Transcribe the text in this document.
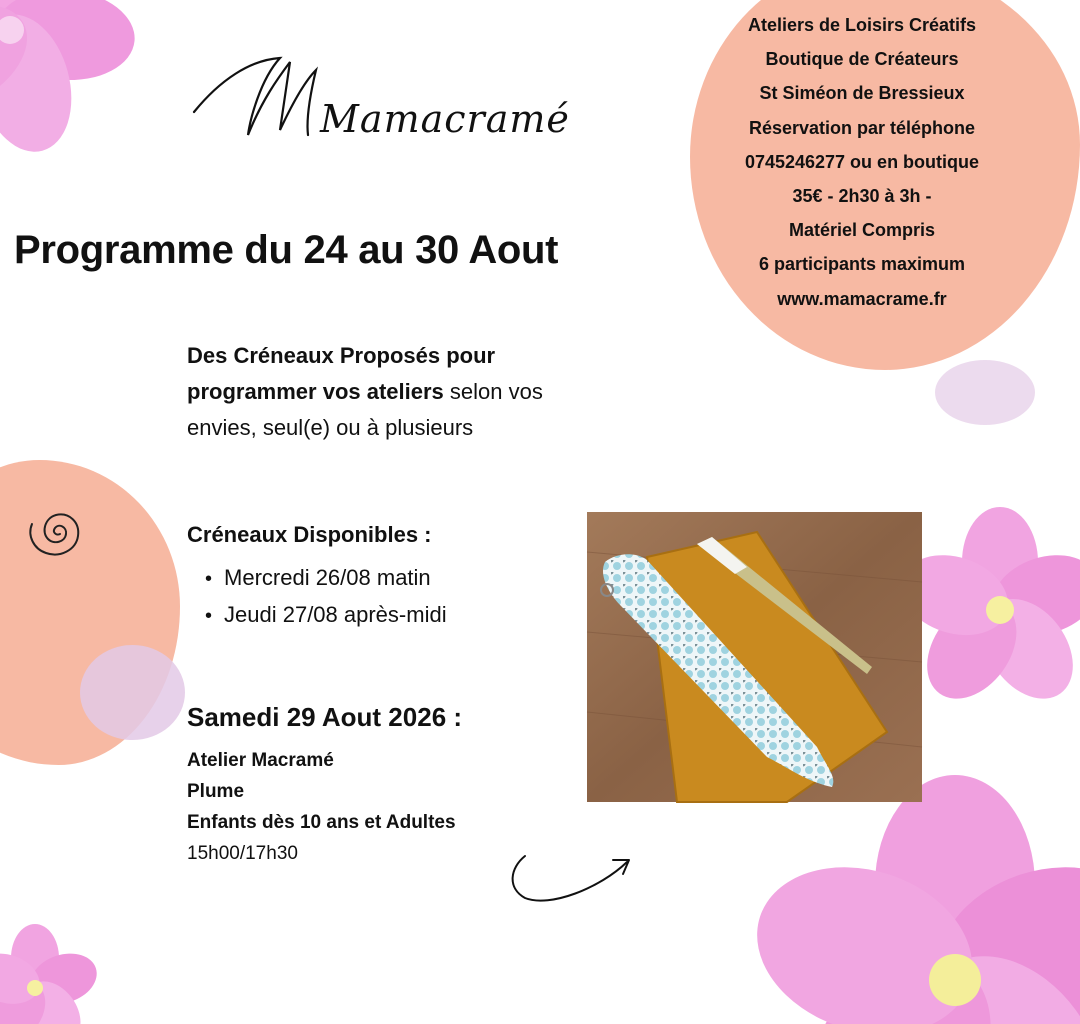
Mamacramé
Programme du 24 au 30 Aout
Ateliers de Loisirs Créatifs
Boutique de Créateurs
St Siméon de Bressieux
Réservation par téléphone
0745246277 ou en boutique
35€ - 2h30 à 3h -
Matériel Compris
6 participants maximum
www.mamacrame.fr
Des Créneaux Proposés pour programmer vos ateliers selon vos envies, seul(e) ou à plusieurs
Créneaux Disponibles :
• Mercredi 26/08 matin
• Jeudi 27/08 après-midi
Samedi 29 Aout 2026 :
Atelier Macramé
Plume
Enfants dès 10 ans et Adultes
15h00/17h30
